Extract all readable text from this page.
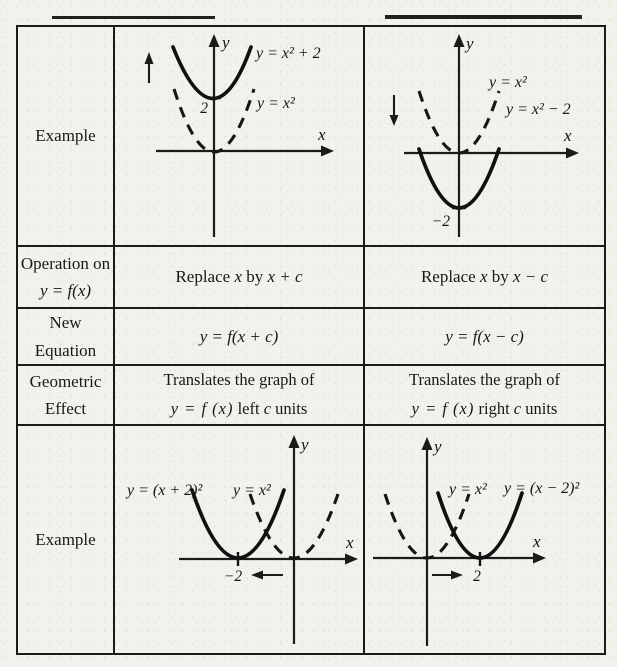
Example
y
x
2
y = x² + 2
y = x²
y
x
−2
y = x²
y = x² − 2
Operation on
y = f(x)
Replace x by x + c	Replace x by x − c
New
Equation
y = f(x + c)	y = f(x − c)
Geometric
Effect
Translates the graph of
y = f (x) left c units
Translates the graph of
y = f (x) right c units
Example
y
x
−2
y = (x + 2)² y = x²
y
x
2
y = x² y = (x − 2)²
